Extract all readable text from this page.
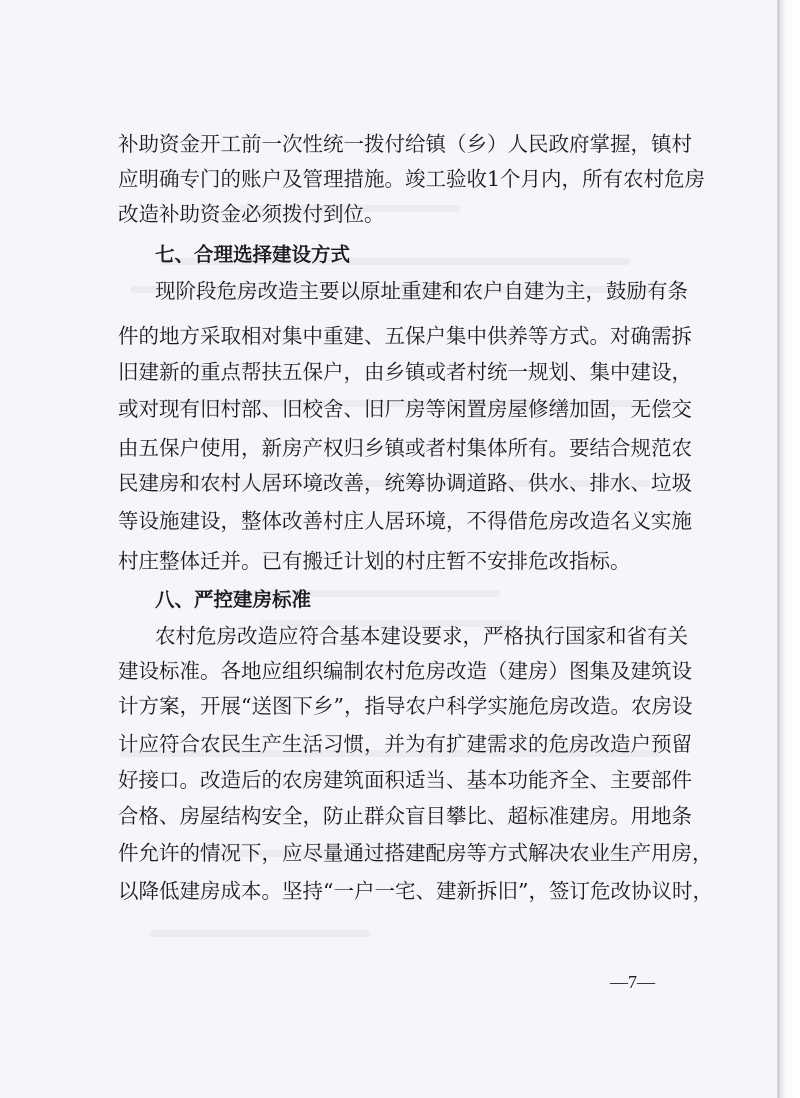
补助资金开工前一次性统一拨付给镇（乡）人民政府掌握，镇村
应明确专门的账户及管理措施。竣工验收1个月内，所有农村危房
改造补助资金必须拨付到位。
七、合理选择建设方式
现阶段危房改造主要以原址重建和农户自建为主，鼓励有条
件的地方采取相对集中重建、五保户集中供养等方式。对确需拆
旧建新的重点帮扶五保户，由乡镇或者村统一规划、集中建设，
或对现有旧村部、旧校舍、旧厂房等闲置房屋修缮加固，无偿交
由五保户使用，新房产权归乡镇或者村集体所有。要结合规范农
民建房和农村人居环境改善，统筹协调道路、供水、排水、垃圾
等设施建设，整体改善村庄人居环境，不得借危房改造名义实施
村庄整体迁并。已有搬迁计划的村庄暂不安排危改指标。
八、严控建房标准
农村危房改造应符合基本建设要求，严格执行国家和省有关
建设标准。各地应组织编制农村危房改造（建房）图集及建筑设
计方案，开展“送图下乡”，指导农户科学实施危房改造。农房设
计应符合农民生产生活习惯，并为有扩建需求的危房改造户预留
好接口。改造后的农房建筑面积适当、基本功能齐全、主要部件
合格、房屋结构安全，防止群众盲目攀比、超标准建房。用地条
件允许的情况下，应尽量通过搭建配房等方式解决农业生产用房，
以降低建房成本。坚持“一户一宅、建新拆旧”，签订危改协议时，
—7—
